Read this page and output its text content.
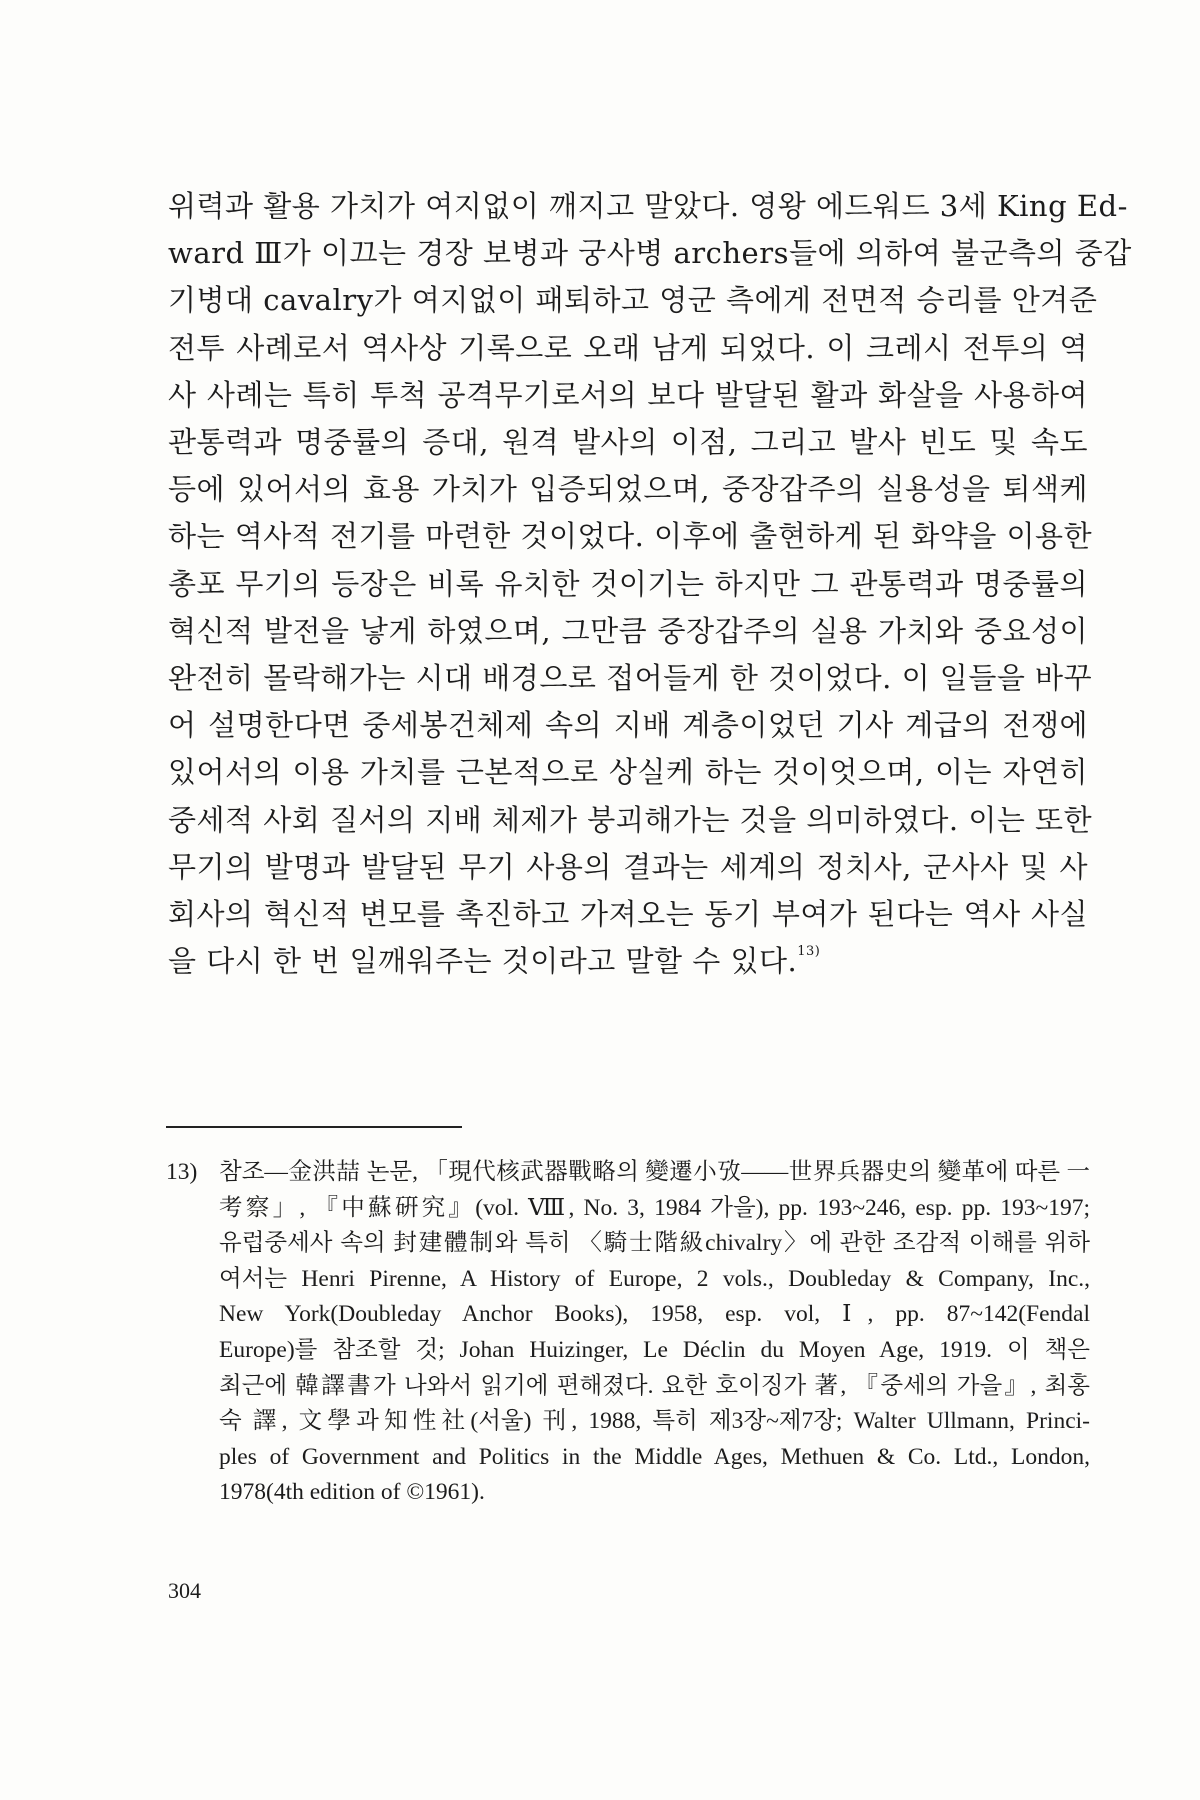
위력과 활용 가치가 여지없이 깨지고 말았다. 영왕 에드워드 3세 King Ed-
ward Ⅲ가 이끄는 경장 보병과 궁사병 archers들에 의하여 불군측의 중갑
기병대 cavalry가 여지없이 패퇴하고 영군 측에게 전면적 승리를 안겨준
전투 사례로서 역사상 기록으로 오래 남게 되었다. 이 크레시 전투의 역
사 사례는 특히 투척 공격무기로서의 보다 발달된 활과 화살을 사용하여
관통력과 명중률의 증대, 원격 발사의 이점, 그리고 발사 빈도 및 속도
등에 있어서의 효용 가치가 입증되었으며, 중장갑주의 실용성을 퇴색케
하는 역사적 전기를 마련한 것이었다. 이후에 출현하게 된 화약을 이용한
총포 무기의 등장은 비록 유치한 것이기는 하지만 그 관통력과 명중률의
혁신적 발전을 낳게 하였으며, 그만큼 중장갑주의 실용 가치와 중요성이
완전히 몰락해가는 시대 배경으로 접어들게 한 것이었다. 이 일들을 바꾸
어 설명한다면 중세봉건체제 속의 지배 계층이었던 기사 계급의 전쟁에
있어서의 이용 가치를 근본적으로 상실케 하는 것이엇으며, 이는 자연히
중세적 사회 질서의 지배 체제가 붕괴해가는 것을 의미하였다. 이는 또한
무기의 발명과 발달된 무기 사용의 결과는 세계의 정치사, 군사사 및 사
회사의 혁신적 변모를 촉진하고 가져오는 동기 부여가 된다는 역사 사실
을 다시 한 번 일깨워주는 것이라고 말할 수 있다.$^{13)}$

13) 참조—金洪喆 논문, 「現代核武器戰略의 變遷小攷——世界兵器史의 變革에 따른 一
考察」, 『中蘇硏究』(vol. Ⅷ, No. 3, 1984 가을), pp. 193~246, esp. pp. 193~197;
유럽중세사 속의 封建體制와 특히 〈騎士階級chivalry〉에 관한 조감적 이해를 위하
여서는 Henri Pirenne, A History of Europe, 2 vols., Doubleday & Company, Inc.,
New York(Doubleday Anchor Books), 1958, esp. vol, Ⅰ, pp. 87~142(Fendal
Europe)를 참조할 것; Johan Huizinger, Le Déclin du Moyen Age, 1919. 이 책은
최근에 韓譯書가 나와서 읽기에 편해졌다. 요한 호이징가 著, 『중세의 가을』, 최홍
숙 譯, 文學과知性社(서울) 刊, 1988, 특히 제3장~제7장; Walter Ullmann, Princi-
ples of Government and Politics in the Middle Ages, Methuen & Co. Ltd., London,
1978(4th edition of ©1961).
304
